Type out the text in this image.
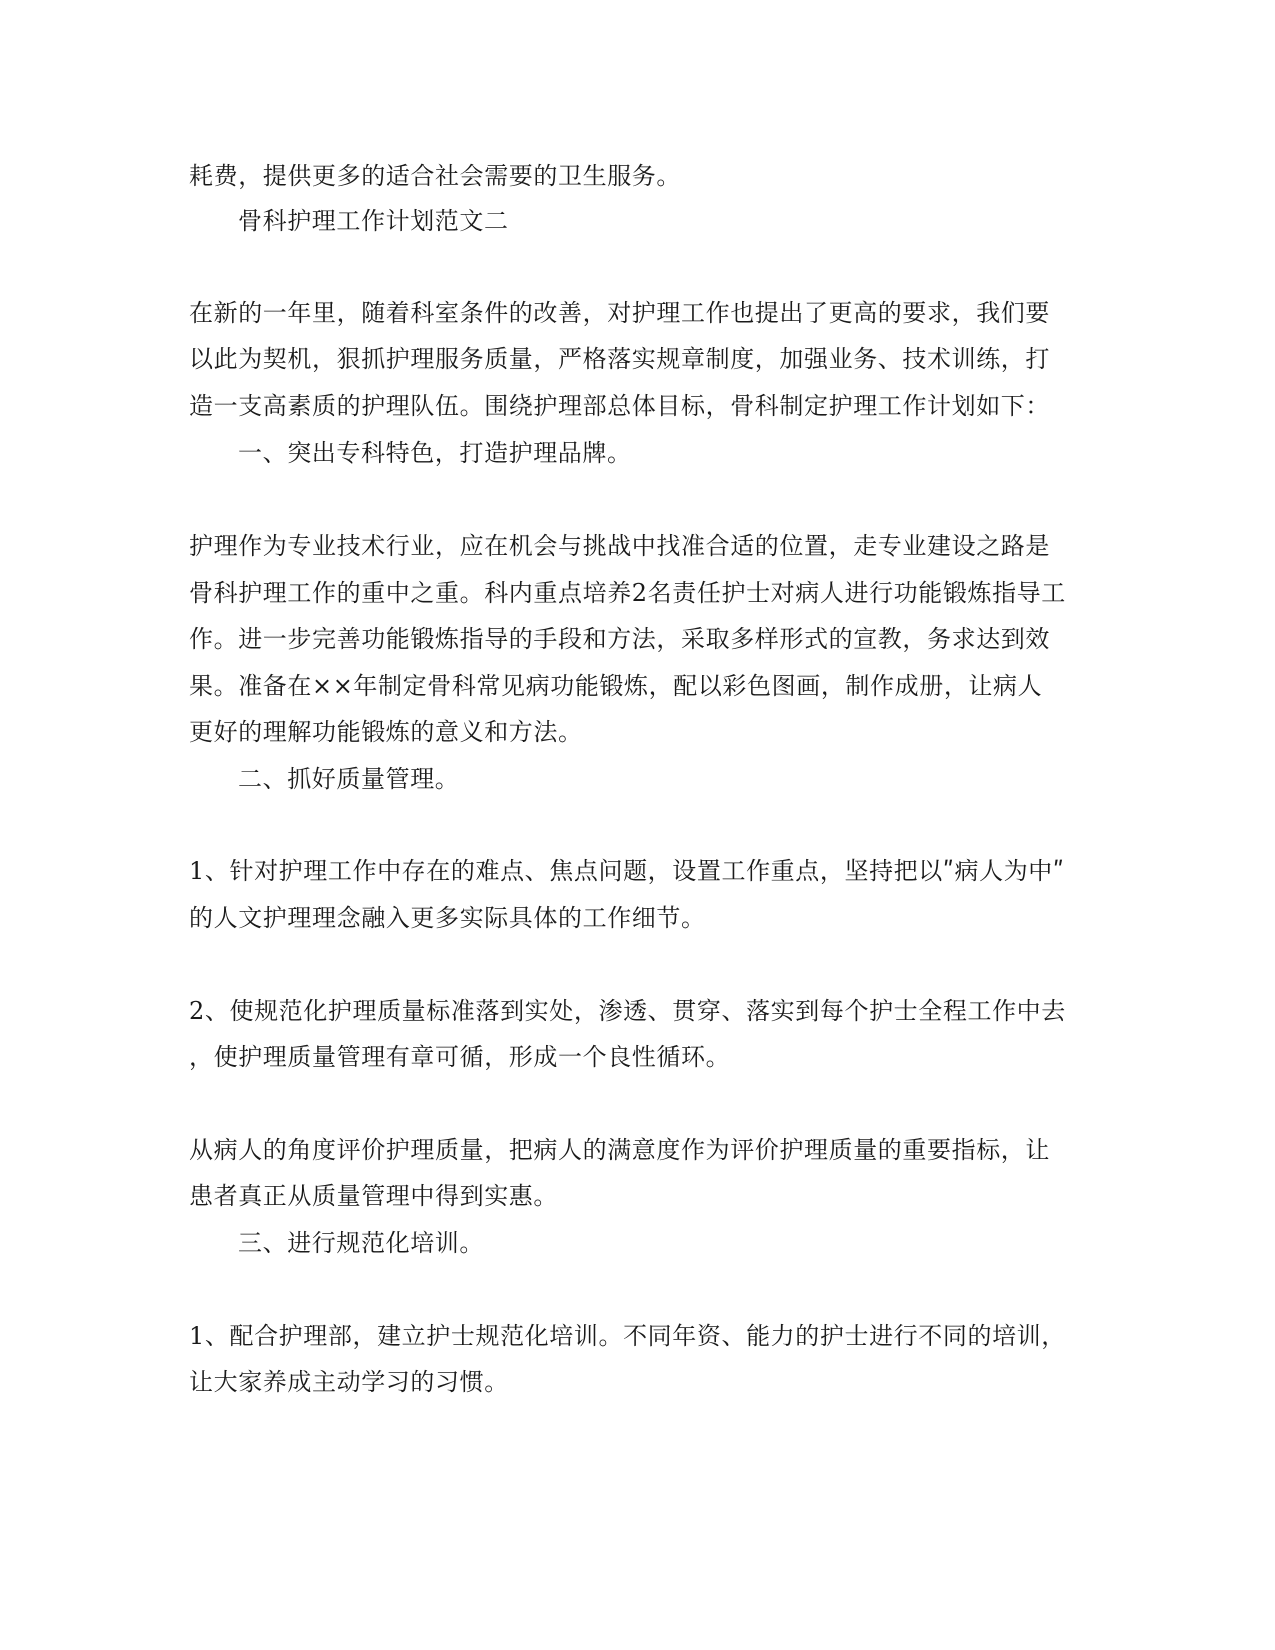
耗费，提供更多的适合社会需要的卫生服务。
骨科护理工作计划范文二
在新的一年里，随着科室条件的改善，对护理工作也提出了更高的要求，我们要
以此为契机，狠抓护理服务质量，严格落实规章制度，加强业务、技术训练，打
造一支高素质的护理队伍。围绕护理部总体目标，骨科制定护理工作计划如下：
一、突出专科特色，打造护理品牌。
护理作为专业技术行业，应在机会与挑战中找准合适的位置，走专业建设之路是
骨科护理工作的重中之重。科内重点培养2名责任护士对病人进行功能锻炼指导工
作。进一步完善功能锻炼指导的手段和方法，采取多样形式的宣教，务求达到效
果。准备在××年制定骨科常见病功能锻炼，配以彩色图画，制作成册，让病人
更好的理解功能锻炼的意义和方法。
二、抓好质量管理。
1、针对护理工作中存在的难点、焦点问题，设置工作重点，坚持把以ʺ病人为中ʺ
的人文护理理念融入更多实际具体的工作细节。
2、使规范化护理质量标准落到实处，渗透、贯穿、落实到每个护士全程工作中去
，使护理质量管理有章可循，形成一个良性循环。
从病人的角度评价护理质量，把病人的满意度作为评价护理质量的重要指标，让
患者真正从质量管理中得到实惠。
三、进行规范化培训。
1、配合护理部，建立护士规范化培训。不同年资、能力的护士进行不同的培训，
让大家养成主动学习的习惯。
